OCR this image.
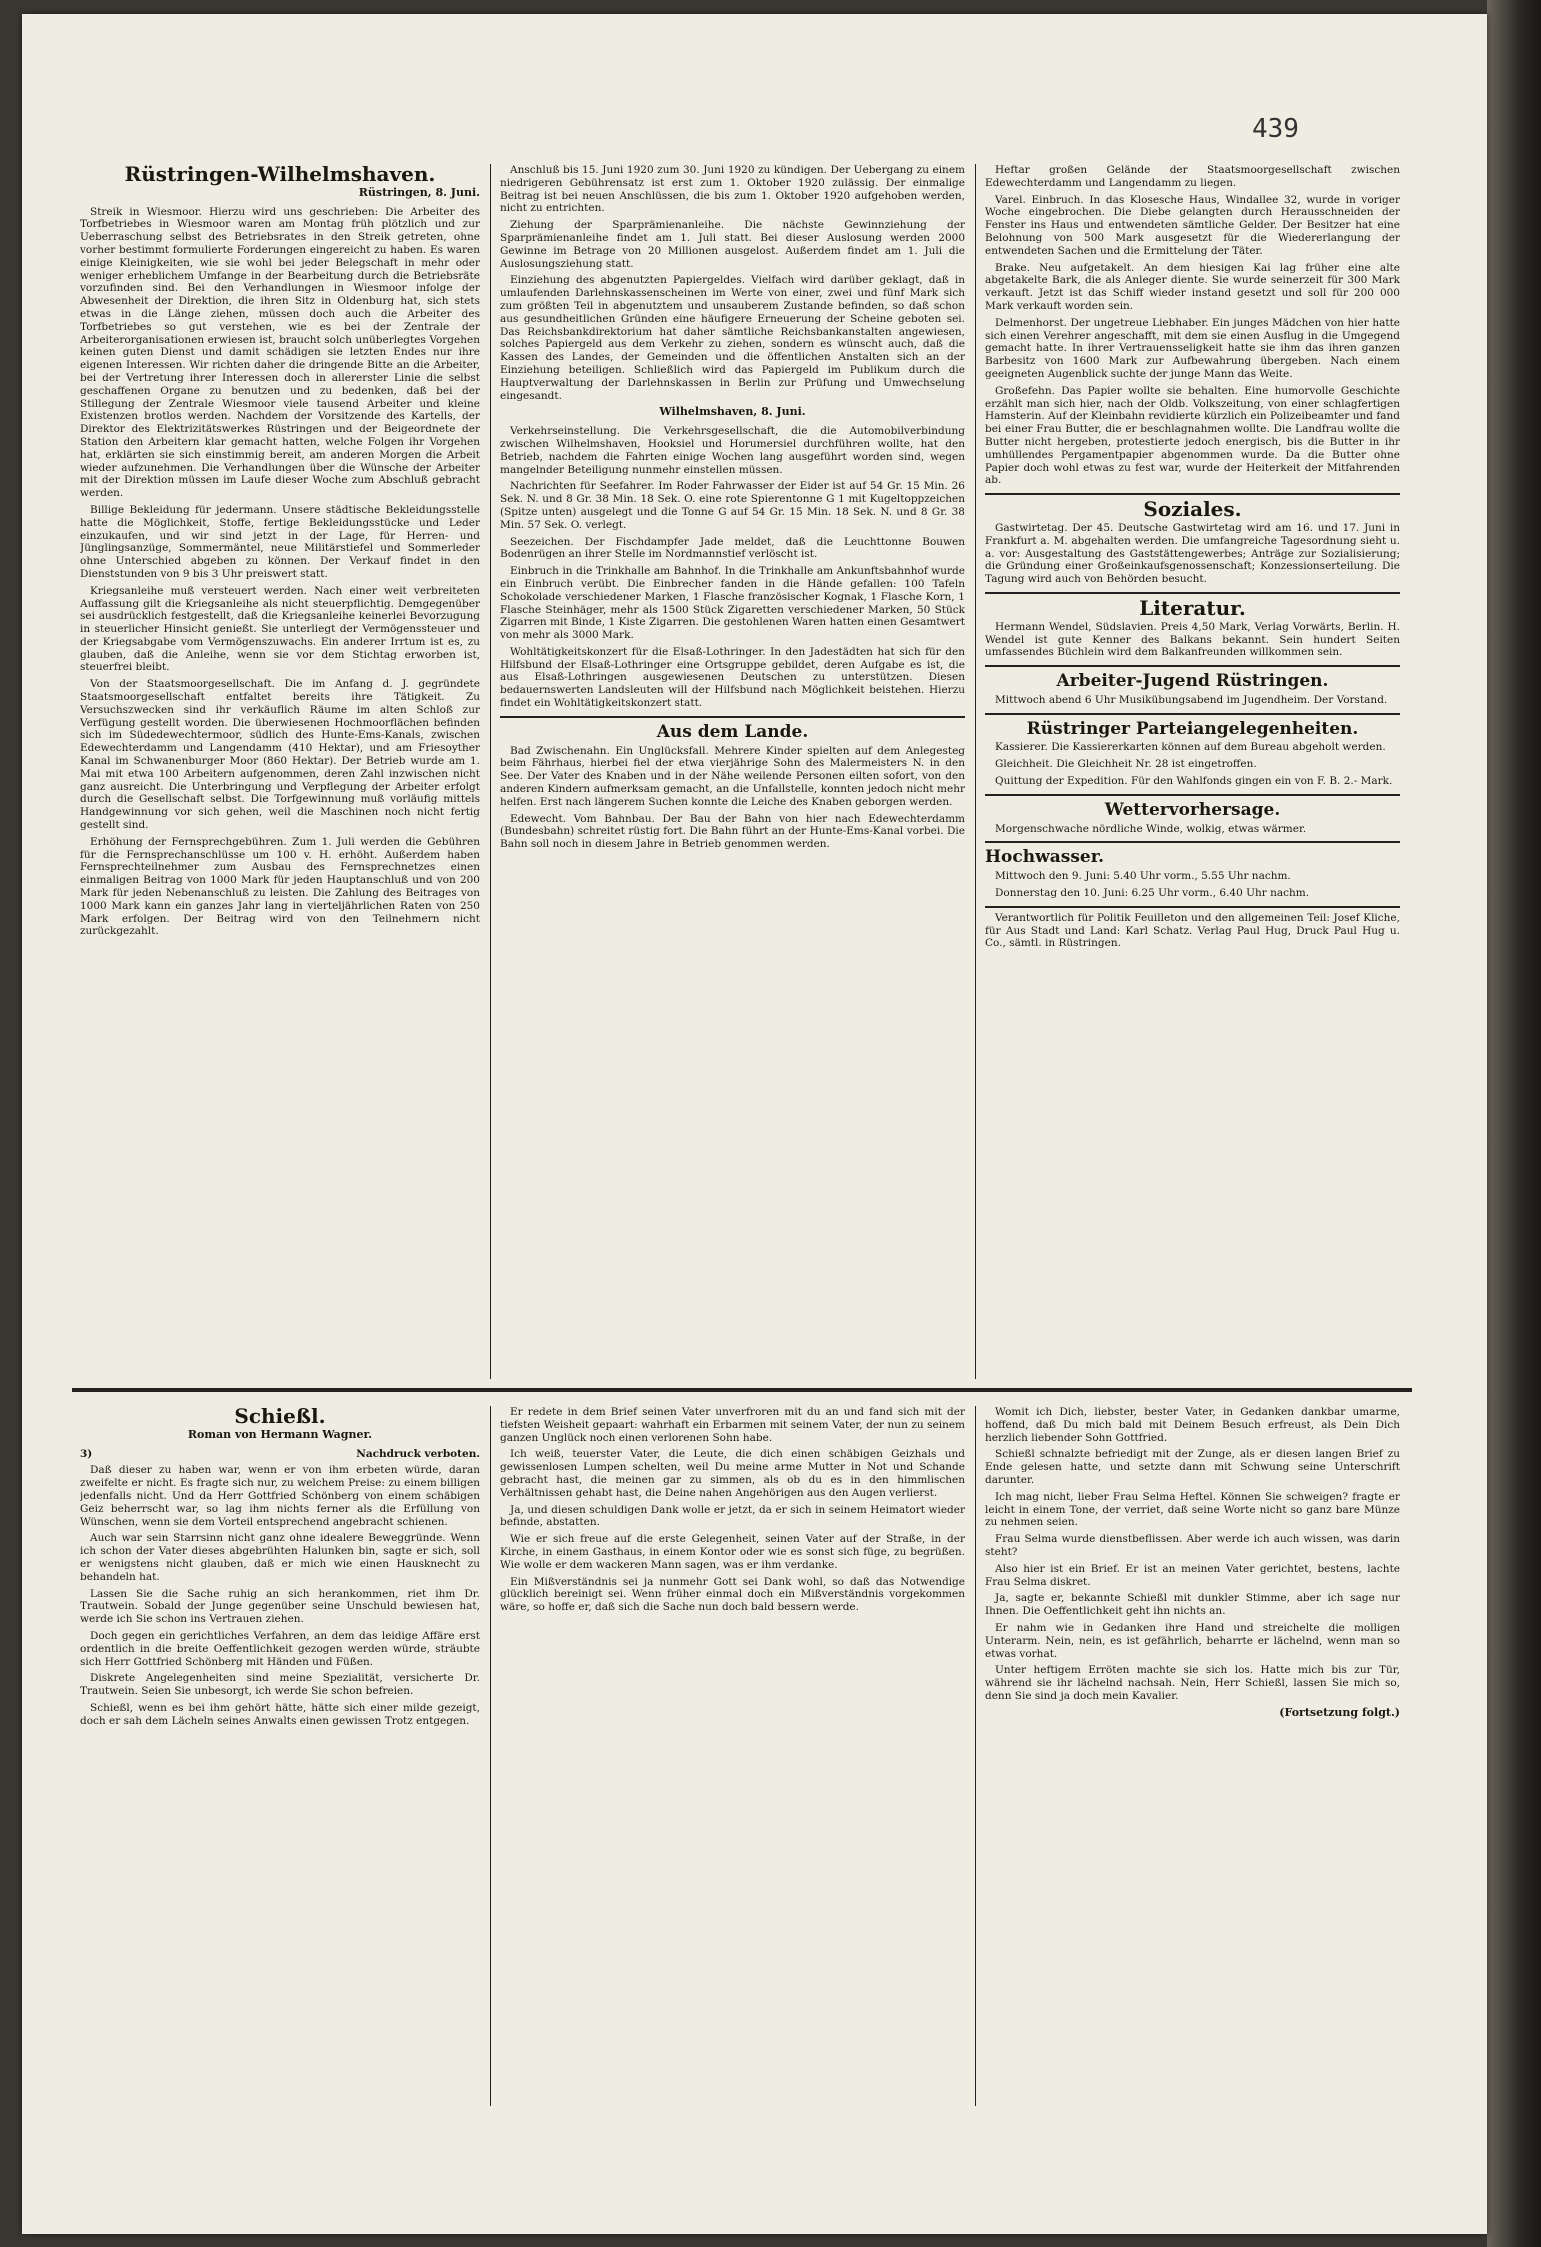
439
Rüstringen-Wilhelmshaven.
Rüstringen, 8. Juni.

Streik in Wiesmoor. Hierzu wird uns geschrieben: Die Arbeiter des Torfbetriebes in Wiesmoor waren am Montag früh plötzlich und zur Ueberraschung selbst des Betriebsrates in den Streik getreten, ohne vorher bestimmt formulierte Forderungen eingereicht zu haben. Es waren einige Kleinigkeiten, wie sie wohl bei jeder Belegschaft in mehr oder weniger erheblichem Umfange in der Bearbeitung durch die Betriebsräte vorzufinden sind. Bei den Verhandlungen in Wiesmoor infolge der Abwesenheit der Direktion, die ihren Sitz in Oldenburg hat, sich stets etwas in die Länge ziehen, müssen doch auch die Arbeiter des Torfbetriebes so gut verstehen, wie es bei der Zentrale der Arbeiterorganisationen erwiesen ist, braucht solch unüberlegtes Vorgehen keinen guten Dienst und damit schädigen sie letzten Endes nur ihre eigenen Interessen. Wir richten daher die dringende Bitte an die Arbeiter, bei der Vertretung ihrer Interessen doch in allererster Linie die selbst geschaffenen Organe zu benutzen und zu bedenken, daß bei der Stillegung der Zentrale Wiesmoor viele tausend Arbeiter und kleine Existenzen brotlos werden. Nachdem der Vorsitzende des Kartells, der Direktor des Elektrizitätswerkes Rüstringen und der Beigeordnete der Station den Arbeitern klar gemacht hatten, welche Folgen ihr Vorgehen hat, erklärten sie sich einstimmig bereit, am anderen Morgen die Arbeit wieder aufzunehmen. Die Verhandlungen über die Wünsche der Arbeiter mit der Direktion müssen im Laufe dieser Woche zum Abschluß gebracht werden.

Billige Bekleidung für jedermann. Unsere städtische Bekleidungsstelle hatte die Möglichkeit, Stoffe, fertige Bekleidungsstücke und Leder einzukaufen, und wir sind jetzt in der Lage, für Herren- und Jünglingsanzüge, Sommermäntel, neue Militärstiefel und Sommerleder ohne Unterschied abgeben zu können. Der Verkauf findet in den Dienststunden von 9 bis 3 Uhr preiswert statt.

Kriegsanleihe muß versteuert werden. Nach einer weit verbreiteten Auffassung gilt die Kriegsanleihe als nicht steuerpflichtig. Demgegenüber sei ausdrücklich festgestellt, daß die Kriegsanleihe keinerlei Bevorzugung in steuerlicher Hinsicht genießt. Sie unterliegt der Vermögenssteuer und der Kriegsabgabe vom Vermögenszuwachs. Ein anderer Irrtum ist es, zu glauben, daß die Anleihe, wenn sie vor dem Stichtag erworben ist, steuerfrei bleibt.

Von der Staatsmoorgesellschaft. Die im Anfang d. J. gegründete Staatsmoorgesellschaft entfaltet bereits ihre Tätigkeit. Zu Versuchszwecken sind ihr verkäuflich Räume im alten Schloß zur Verfügung gestellt worden. Die überwiesenen Hochmoorflächen befinden sich im Südedewechtermoor, südlich des Hunte-Ems-Kanals, zwischen Edewechterdamm und Langendamm (410 Hektar), und am Friesoyther Kanal im Schwanenburger Moor (860 Hektar). Der Betrieb wurde am 1. Mai mit etwa 100 Arbeitern aufgenommen, deren Zahl inzwischen nicht ganz ausreicht. Die Unterbringung und Verpflegung der Arbeiter erfolgt durch die Gesellschaft selbst. Die Torfgewinnung muß vorläufig mittels Handgewinnung vor sich gehen, weil die Maschinen noch nicht fertig gestellt sind.

Erhöhung der Fernsprechgebühren. Zum 1. Juli werden die Gebühren für die Fernsprechanschlüsse um 100 v. H. erhöht. Außerdem haben Fernsprechteilnehmer zum Ausbau des Fernsprechnetzes einen einmaligen Beitrag von 1000 Mark für jeden Hauptanschluß und von 200 Mark für jeden Nebenanschluß zu leisten. Die Zahlung des Beitrages von 1000 Mark kann ein ganzes Jahr lang in vierteljährlichen Raten von 250 Mark erfolgen. Der Beitrag wird von den Teilnehmern nicht zurückgezahlt.

Anschluß bis 15. Juni 1920 zum 30. Juni 1920 zu kündigen. Der Uebergang zu einem niedrigeren Gebührensatz ist erst zum 1. Oktober 1920 zulässig. Der einmalige Beitrag ist bei neuen Anschlüssen, die bis zum 1. Oktober 1920 aufgehoben werden, nicht zu entrichten.

Ziehung der Sparprämienanleihe. Die nächste Gewinnziehung der Sparprämienanleihe findet am 1. Juli statt. Bei dieser Auslosung werden 2000 Gewinne im Betrage von 20 Millionen ausgelost. Außerdem findet am 1. Juli die Auslosungsziehung statt.

Einziehung des abgenutzten Papiergeldes. Vielfach wird darüber geklagt, daß in umlaufenden Darlehnskassenscheinen im Werte von einer, zwei und fünf Mark sich zum größten Teil in abgenutztem und unsauberem Zustande befinden, so daß schon aus gesundheitlichen Gründen eine häufigere Erneuerung der Scheine geboten sei. Das Reichsbankdirektorium hat daher sämtliche Reichsbankanstalten angewiesen, solches Papiergeld aus dem Verkehr zu ziehen, sondern es wünscht auch, daß die Kassen des Landes, der Gemeinden und die öffentlichen Anstalten sich an der Einziehung beteiligen. Schließlich wird das Papiergeld im Publikum durch die Hauptverwaltung der Darlehnskassen in Berlin zur Prüfung und Umwechselung eingesandt.

Wilhelmshaven, 8. Juni.

Verkehrseinstellung. Die Verkehrsgesellschaft, die die Automobilverbindung zwischen Wilhelmshaven, Hooksiel und Horumersiel durchführen wollte, hat den Betrieb, nachdem die Fahrten einige Wochen lang ausgeführt worden sind, wegen mangelnder Beteiligung nunmehr einstellen müssen.

Nachrichten für Seefahrer. Im Roder Fahrwasser der Eider ist auf 54 Gr. 15 Min. 26 Sek. N. und 8 Gr. 38 Min. 18 Sek. O. eine rote Spierentonne G 1 mit Kugeltoppzeichen (Spitze unten) ausgelegt und die Tonne G auf 54 Gr. 15 Min. 18 Sek. N. und 8 Gr. 38 Min. 57 Sek. O. verlegt.

Seezeichen. Der Fischdampfer Jade meldet, daß die Leuchttonne Bouwen Bodenrügen an ihrer Stelle im Nordmannstief verlöscht ist.

Einbruch in die Trinkhalle am Bahnhof. In die Trinkhalle am Ankunftsbahnhof wurde ein Einbruch verübt. Die Einbrecher fanden in die Hände gefallen: 100 Tafeln Schokolade verschiedener Marken, 1 Flasche französischer Kognak, 1 Flasche Korn, 1 Flasche Steinhäger, mehr als 1500 Stück Zigaretten verschiedener Marken, 50 Stück Zigarren mit Binde, 1 Kiste Zigarren. Die gestohlenen Waren hatten einen Gesamtwert von mehr als 3000 Mark.

Wohltätigkeitskonzert für die Elsaß-Lothringer. In den Jadestädten hat sich für den Hilfsbund der Elsaß-Lothringer eine Ortsgruppe gebildet, deren Aufgabe es ist, die aus Elsaß-Lothringen ausgewiesenen Deutschen zu unterstützen. Diesen bedauernswerten Landsleuten will der Hilfsbund nach Möglichkeit beistehen. Hierzu findet ein Wohltätigkeitskonzert statt.

Aus dem Lande.

Bad Zwischenahn. Ein Unglücksfall. Mehrere Kinder spielten auf dem Anlegesteg beim Fährhaus, hierbei fiel der etwa vierjährige Sohn des Malermeisters N. in den See. Der Vater des Knaben und in der Nähe weilende Personen eilten sofort, von den anderen Kindern aufmerksam gemacht, an die Unfallstelle, konnten jedoch nicht mehr helfen. Erst nach längerem Suchen konnte die Leiche des Knaben geborgen werden.

Edewecht. Vom Bahnbau. Der Bau der Bahn von hier nach Edewechterdamm (Bundesbahn) schreitet rüstig fort. Die Bahn führt an der Hunte-Ems-Kanal vorbei. Die Bahn soll noch in diesem Jahre in Betrieb genommen werden.

Heftar großen Gelände der Staatsmoorgesellschaft zwischen Edewechterdamm und Langendamm zu liegen.

Varel. Einbruch. In das Klosesche Haus, Windallee 32, wurde in voriger Woche eingebrochen. Die Diebe gelangten durch Herausschneiden der Fenster ins Haus und entwendeten sämtliche Gelder. Der Besitzer hat eine Belohnung von 500 Mark ausgesetzt für die Wiedererlangung der entwendeten Sachen und die Ermittelung der Täter.

Brake. Neu aufgetakelt. An dem hiesigen Kai lag früher eine alte abgetakelte Bark, die als Anleger diente. Sie wurde seinerzeit für 300 Mark verkauft. Jetzt ist das Schiff wieder instand gesetzt und soll für 200 000 Mark verkauft worden sein.

Delmenhorst. Der ungetreue Liebhaber. Ein junges Mädchen von hier hatte sich einen Verehrer angeschafft, mit dem sie einen Ausflug in die Umgegend gemacht hatte. In ihrer Vertrauensseligkeit hatte sie ihm das ihren ganzen Barbesitz von 1600 Mark zur Aufbewahrung übergeben. Nach einem geeigneten Augenblick suchte der junge Mann das Weite.

Großefehn. Das Papier wollte sie behalten. Eine humorvolle Geschichte erzählt man sich hier, nach der Oldb. Volkszeitung, von einer schlagfertigen Hamsterin. Auf der Kleinbahn revidierte kürzlich ein Polizeibeamter und fand bei einer Frau Butter, die er beschlagnahmen wollte. Die Landfrau wollte die Butter nicht hergeben, protestierte jedoch energisch, bis die Butter in ihr umhüllendes Pergamentpapier abgenommen wurde. Da die Butter ohne Papier doch wohl etwas zu fest war, wurde der Heiterkeit der Mitfahrenden ab.

Soziales.

Gastwirtetag. Der 45. Deutsche Gastwirtetag wird am 16. und 17. Juni in Frankfurt a. M. abgehalten werden. Die umfangreiche Tagesordnung sieht u. a. vor: Ausgestaltung des Gaststättengewerbes; Anträge zur Sozialisierung; die Gründung einer Großeinkaufsgenossenschaft; Konzessionserteilung. Die Tagung wird auch von Behörden besucht.

Literatur.

Hermann Wendel, Südslavien. Preis 4,50 Mark, Verlag Vorwärts, Berlin. H. Wendel ist gute Kenner des Balkans bekannt. Sein hundert Seiten umfassendes Büchlein wird dem Balkanfreunden willkommen sein.

Arbeiter-Jugend Rüstringen.

Mittwoch abend 6 Uhr Musikübungsabend im Jugendheim. Der Vorstand.

Rüstringer Parteiangelegenheiten.

Kassierer. Die Kassiererkarten können auf dem Bureau abgeholt werden.

Gleichheit. Die Gleichheit Nr. 28 ist eingetroffen.

Quittung der Expedition. Für den Wahlfonds gingen ein von F. B. 2.- Mark.

Wettervorhersage.

Morgenschwache nördliche Winde, wolkig, etwas wärmer.

Hochwasser.

Mittwoch den 9. Juni: 5.40 Uhr vorm., 5.55 Uhr nachm.

Donnerstag den 10. Juni: 6.25 Uhr vorm., 6.40 Uhr nachm.

Verantwortlich für Politik Feuilleton und den allgemeinen Teil: Josef Kliche, für Aus Stadt und Land: Karl Schatz. Verlag Paul Hug, Druck Paul Hug u. Co., sämtl. in Rüstringen.

Schießl.
Roman von Hermann Wagner.
3)	Nachdruck verboten.

Daß dieser zu haben war, wenn er von ihm erbeten würde, daran zweifelte er nicht. Es fragte sich nur, zu welchem Preise: zu einem billigen jedenfalls nicht. Und da Herr Gottfried Schönberg von einem schäbigen Geiz beherrscht war, so lag ihm nichts ferner als die Erfüllung von Wünschen, wenn sie dem Vorteil entsprechend angebracht schienen.

Auch war sein Starrsinn nicht ganz ohne idealere Beweggründe. Wenn ich schon der Vater dieses abgebrühten Halunken bin, sagte er sich, soll er wenigstens nicht glauben, daß er mich wie einen Hausknecht zu behandeln hat.

Lassen Sie die Sache ruhig an sich herankommen, riet ihm Dr. Trautwein. Sobald der Junge gegenüber seine Unschuld bewiesen hat, werde ich Sie schon ins Vertrauen ziehen.

Doch gegen ein gerichtliches Verfahren, an dem das leidige Affäre erst ordentlich in die breite Oeffentlichkeit gezogen werden würde, sträubte sich Herr Gottfried Schönberg mit Händen und Füßen.

Diskrete Angelegenheiten sind meine Spezialität, versicherte Dr. Trautwein. Seien Sie unbesorgt, ich werde Sie schon befreien.

Schießl, wenn es bei ihm gehört hätte, hätte sich einer milde gezeigt, doch er sah dem Lächeln seines Anwalts einen gewissen Trotz entgegen.

Er redete in dem Brief seinen Vater unverfroren mit du an und fand sich mit der tiefsten Weisheit gepaart: wahrhaft ein Erbarmen mit seinem Vater, der nun zu seinem ganzen Unglück noch einen verlorenen Sohn habe.

Ich weiß, teuerster Vater, die Leute, die dich einen schäbigen Geizhals und gewissenlosen Lumpen schelten, weil Du meine arme Mutter in Not und Schande gebracht hast, die meinen gar zu simmen, als ob du es in den himmlischen Verhältnissen gehabt hast, die Deine nahen Angehörigen aus den Augen verlierst.

Ja, und diesen schuldigen Dank wolle er jetzt, da er sich in seinem Heimatort wieder befinde, abstatten.

Wie er sich freue auf die erste Gelegenheit, seinen Vater auf der Straße, in der Kirche, in einem Gasthaus, in einem Kontor oder wie es sonst sich füge, zu begrüßen. Wie wolle er dem wackeren Mann sagen, was er ihm verdanke.

Ein Mißverständnis sei ja nunmehr Gott sei Dank wohl, so daß das Notwendige glücklich bereinigt sei. Wenn früher einmal doch ein Mißverständnis vorgekommen wäre, so hoffe er, daß sich die Sache nun doch bald bessern werde.

Womit ich Dich, liebster, bester Vater, in Gedanken dankbar umarme, hoffend, daß Du mich bald mit Deinem Besuch erfreust, als Dein Dich herzlich liebender Sohn Gottfried.

Schießl schnalzte befriedigt mit der Zunge, als er diesen langen Brief zu Ende gelesen hatte, und setzte dann mit Schwung seine Unterschrift darunter.

Ich mag nicht, lieber Frau Selma Heftel. Können Sie schweigen? fragte er leicht in einem Tone, der verriet, daß seine Worte nicht so ganz bare Münze zu nehmen seien.

Frau Selma wurde dienstbeflissen. Aber werde ich auch wissen, was darin steht?

Also hier ist ein Brief. Er ist an meinen Vater gerichtet, bestens, lachte Frau Selma diskret.

Ja, sagte er, bekannte Schießl mit dunkler Stimme, aber ich sage nur Ihnen. Die Oeffentlichkeit geht ihn nichts an.

Er nahm wie in Gedanken ihre Hand und streichelte die molligen Unterarm. Nein, nein, es ist gefährlich, beharrte er lächelnd, wenn man so etwas vorhat.

Unter heftigem Erröten machte sie sich los. Hatte mich bis zur Tür, während sie ihr lächelnd nachsah. Nein, Herr Schießl, lassen Sie mich so, denn Sie sind ja doch mein Kavalier.

(Fortsetzung folgt.)
